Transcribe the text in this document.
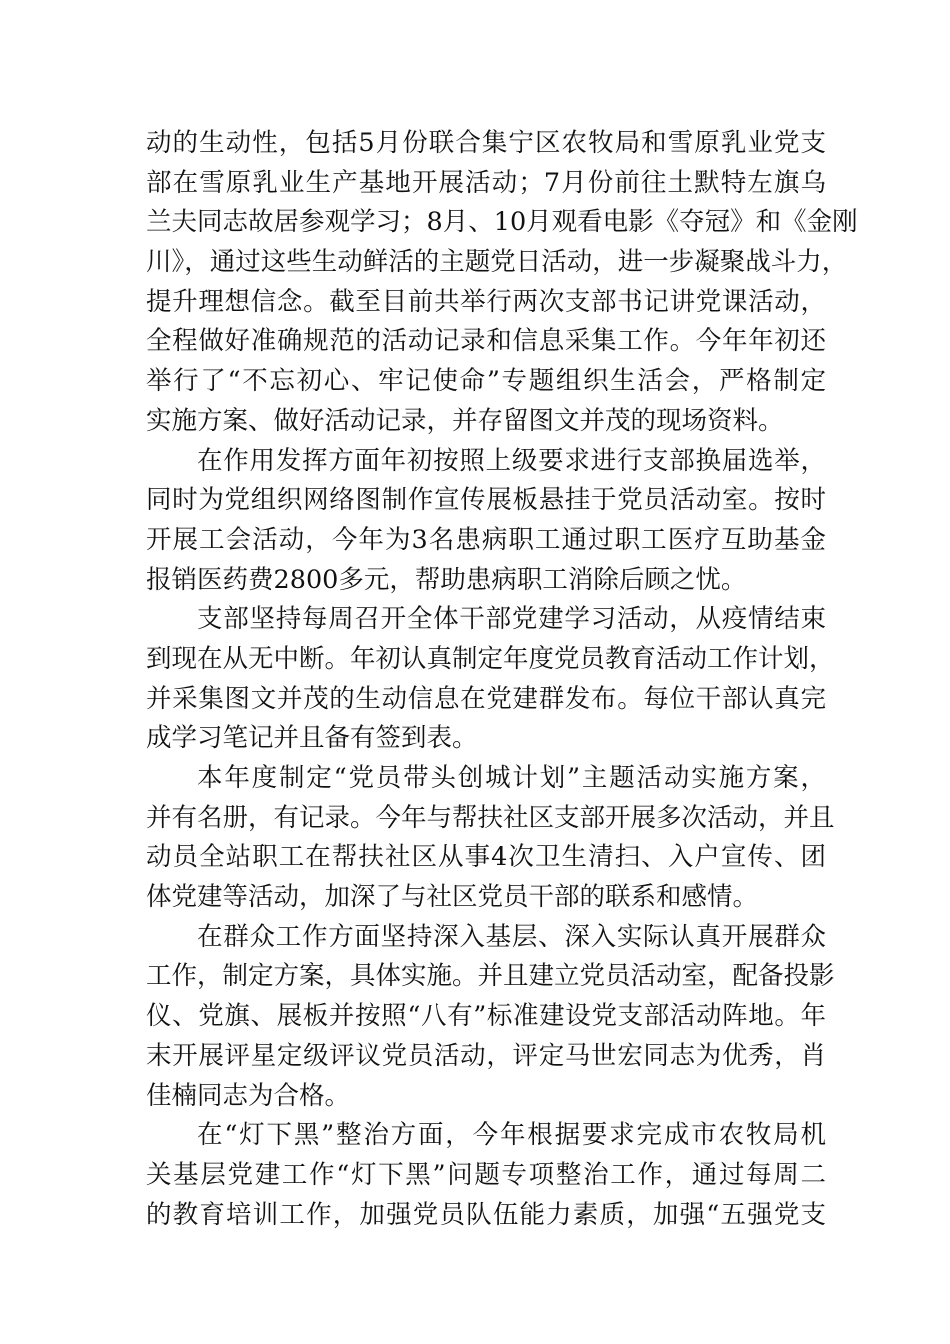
动的生动性，包括5月份联合集宁区农牧局和雪原乳业党支
部在雪原乳业生产基地开展活动；7月份前往土默特左旗乌
兰夫同志故居参观学习；8月、10月观看电影《夺冠》和《金刚
川》，通过这些生动鲜活的主题党日活动，进一步凝聚战斗力，
提升理想信念。截至目前共举行两次支部书记讲党课活动，
全程做好准确规范的活动记录和信息采集工作。今年年初还
举行了“不忘初心、牢记使命”专题组织生活会，严格制定
实施方案、做好活动记录，并存留图文并茂的现场资料。
在作用发挥方面年初按照上级要求进行支部换届选举，
同时为党组织网络图制作宣传展板悬挂于党员活动室。按时
开展工会活动，今年为3名患病职工通过职工医疗互助基金
报销医药费2800多元，帮助患病职工消除后顾之忧。
支部坚持每周召开全体干部党建学习活动，从疫情结束
到现在从无中断。年初认真制定年度党员教育活动工作计划，
并采集图文并茂的生动信息在党建群发布。每位干部认真完
成学习笔记并且备有签到表。
本年度制定“党员带头创城计划”主题活动实施方案，
并有名册，有记录。今年与帮扶社区支部开展多次活动，并且
动员全站职工在帮扶社区从事4次卫生清扫、入户宣传、团
体党建等活动，加深了与社区党员干部的联系和感情。
在群众工作方面坚持深入基层、深入实际认真开展群众
工作，制定方案，具体实施。并且建立党员活动室，配备投影
仪、党旗、展板并按照“八有”标准建设党支部活动阵地。年
末开展评星定级评议党员活动，评定马世宏同志为优秀，肖
佳楠同志为合格。
在“灯下黑”整治方面，今年根据要求完成市农牧局机
关基层党建工作“灯下黑”问题专项整治工作，通过每周二
的教育培训工作，加强党员队伍能力素质，加强“五强党支
